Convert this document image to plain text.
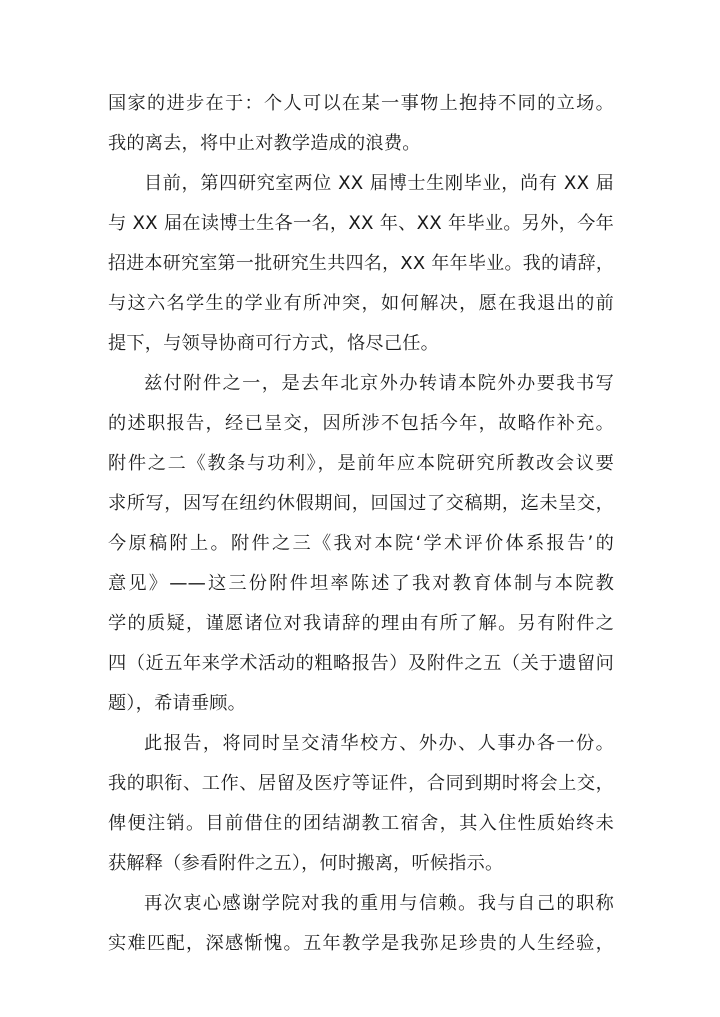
国家的进步在于：个人可以在某一事物上抱持不同的立场。
我的离去，将中止对教学造成的浪费。
目前，第四研究室两位 XX 届博士生刚毕业，尚有 XX 届
与 XX 届在读博士生各一名，XX 年、XX 年毕业。另外，今年
招进本研究室第一批研究生共四名，XX 年年毕业。我的请辞，
与这六名学生的学业有所冲突，如何解决，愿在我退出的前
提下，与领导协商可行方式，恪尽己任。
兹付附件之一，是去年北京外办转请本院外办要我书写
的述职报告，经已呈交，因所涉不包括今年，故略作补充。
附件之二《教条与功利》，是前年应本院研究所教改会议要
求所写，因写在纽约休假期间，回国过了交稿期，迄未呈交，
今原稿附上。附件之三《我对本院‘学术评价体系报告’的
意见》——这三份附件坦率陈述了我对教育体制与本院教
学的质疑，谨愿诸位对我请辞的理由有所了解。另有附件之
四（近五年来学术活动的粗略报告）及附件之五（关于遗留问
题），希请垂顾。
此报告，将同时呈交清华校方、外办、人事办各一份。
我的职衔、工作、居留及医疗等证件，合同到期时将会上交，
俾便注销。目前借住的团结湖教工宿舍，其入住性质始终未
获解释（参看附件之五），何时搬离，听候指示。
再次衷心感谢学院对我的重用与信赖。我与自己的职称
实难匹配，深感惭愧。五年教学是我弥足珍贵的人生经验，
